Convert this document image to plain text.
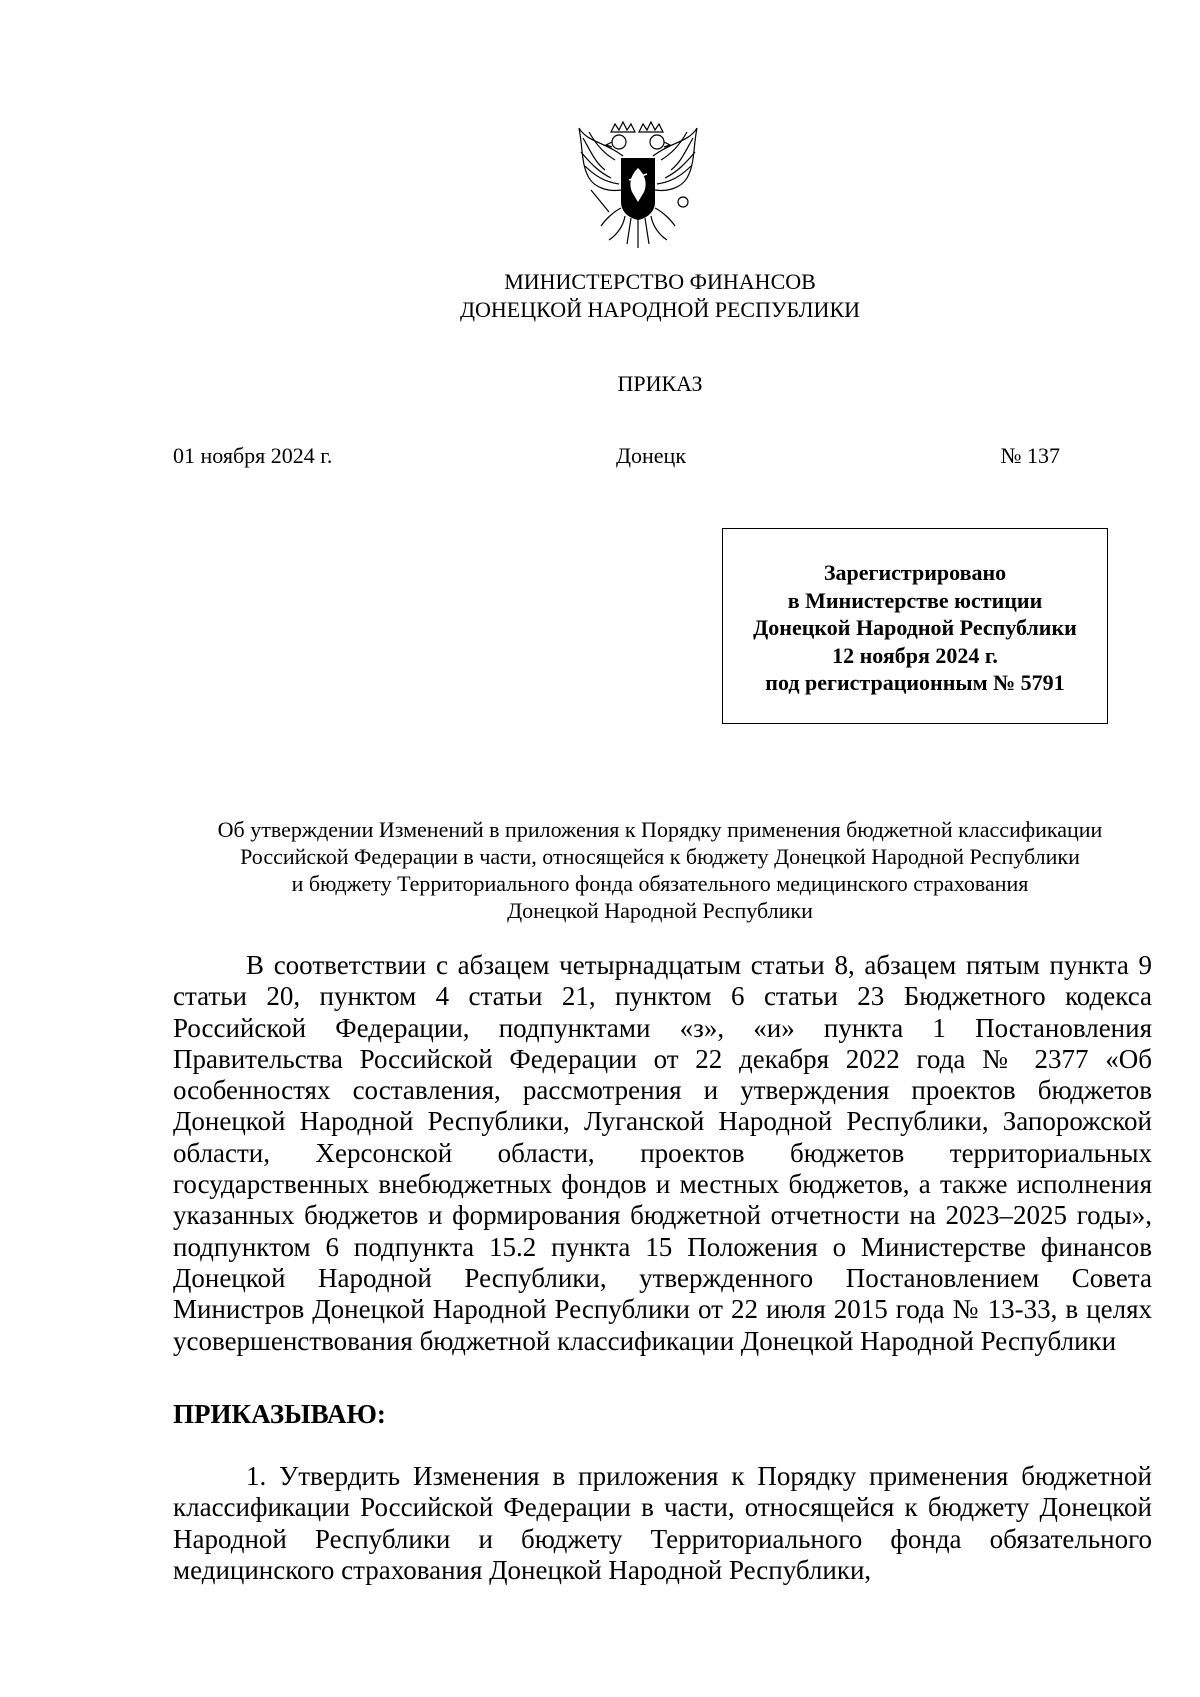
МИНИСТЕРСТВО ФИНАНСОВ
ДОНЕЦКОЙ НАРОДНОЙ РЕСПУБЛИКИ
ПРИКАЗ
01 ноября 2024 г.	Донецк	№ 137
Зарегистрировано
в Министерстве юстиции
Донецкой Народной Республики
12 ноября 2024 г.
под регистрационным № 5791
Об утверждении Изменений в приложения к Порядку применения бюджетной классификации
Российской Федерации в части, относящейся к бюджету Донецкой Народной Республики
и бюджету Территориального фонда обязательного медицинского страхования
Донецкой Народной Республики

В соответствии с абзацем четырнадцатым статьи 8, абзацем пятым пункта 9 статьи 20, пунктом 4 статьи 21, пунктом 6 статьи 23 Бюджетного кодекса Российской Федерации, подпунктами «з», «и» пункта 1 Постановления Правительства Российской Федерации от 22 декабря 2022 года № 2377 «Об особенностях составления, рассмотрения и утверждения проектов бюджетов Донецкой Народной Республики, Луганской Народной Республики, Запорожской области, Херсонской области, проектов бюджетов территориальных государственных внебюджетных фондов и местных бюджетов, а также исполнения указанных бюджетов и формирования бюджетной отчетности на 2023–2025 годы», подпунктом 6 подпункта 15.2 пункта 15 Положения о Министерстве финансов Донецкой Народной Республики, утвержденного Постановлением Совета Министров Донецкой Народной Республики от 22 июля 2015 года № 13-33, в целях усовершенствования бюджетной классификации Донецкой Народной Республики

ПРИКАЗЫВАЮ:

1. Утвердить Изменения в приложения к Порядку применения бюджетной классификации Российской Федерации в части, относящейся к бюджету Донецкой Народной Республики и бюджету Территориального фонда обязательного медицинского страхования Донецкой Народной Республики,
